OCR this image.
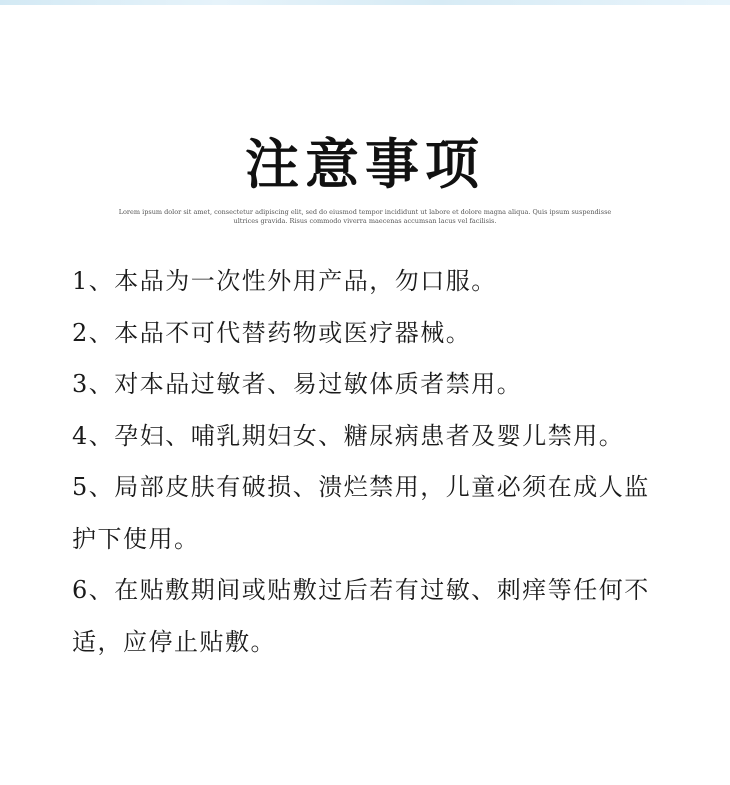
注意事项
Lorem ipsum dolor sit amet, consectetur adipiscing elit, sed do eiusmod tempor incididunt ut labore et dolore magna aliqua. Quis ipsum suspendisse ultrices gravida. Risus commodo viverra maecenas accumsan lacus vel facilisis.
1、本品为一次性外用产品，勿口服。
2、本品不可代替药物或医疗器械。
3、对本品过敏者、易过敏体质者禁用。
4、孕妇、哺乳期妇女、糖尿病患者及婴儿禁用。
5、局部皮肤有破损、溃烂禁用，儿童必须在成人监护下使用。
6、在贴敷期间或贴敷过后若有过敏、刺痒等任何不适，应停止贴敷。
